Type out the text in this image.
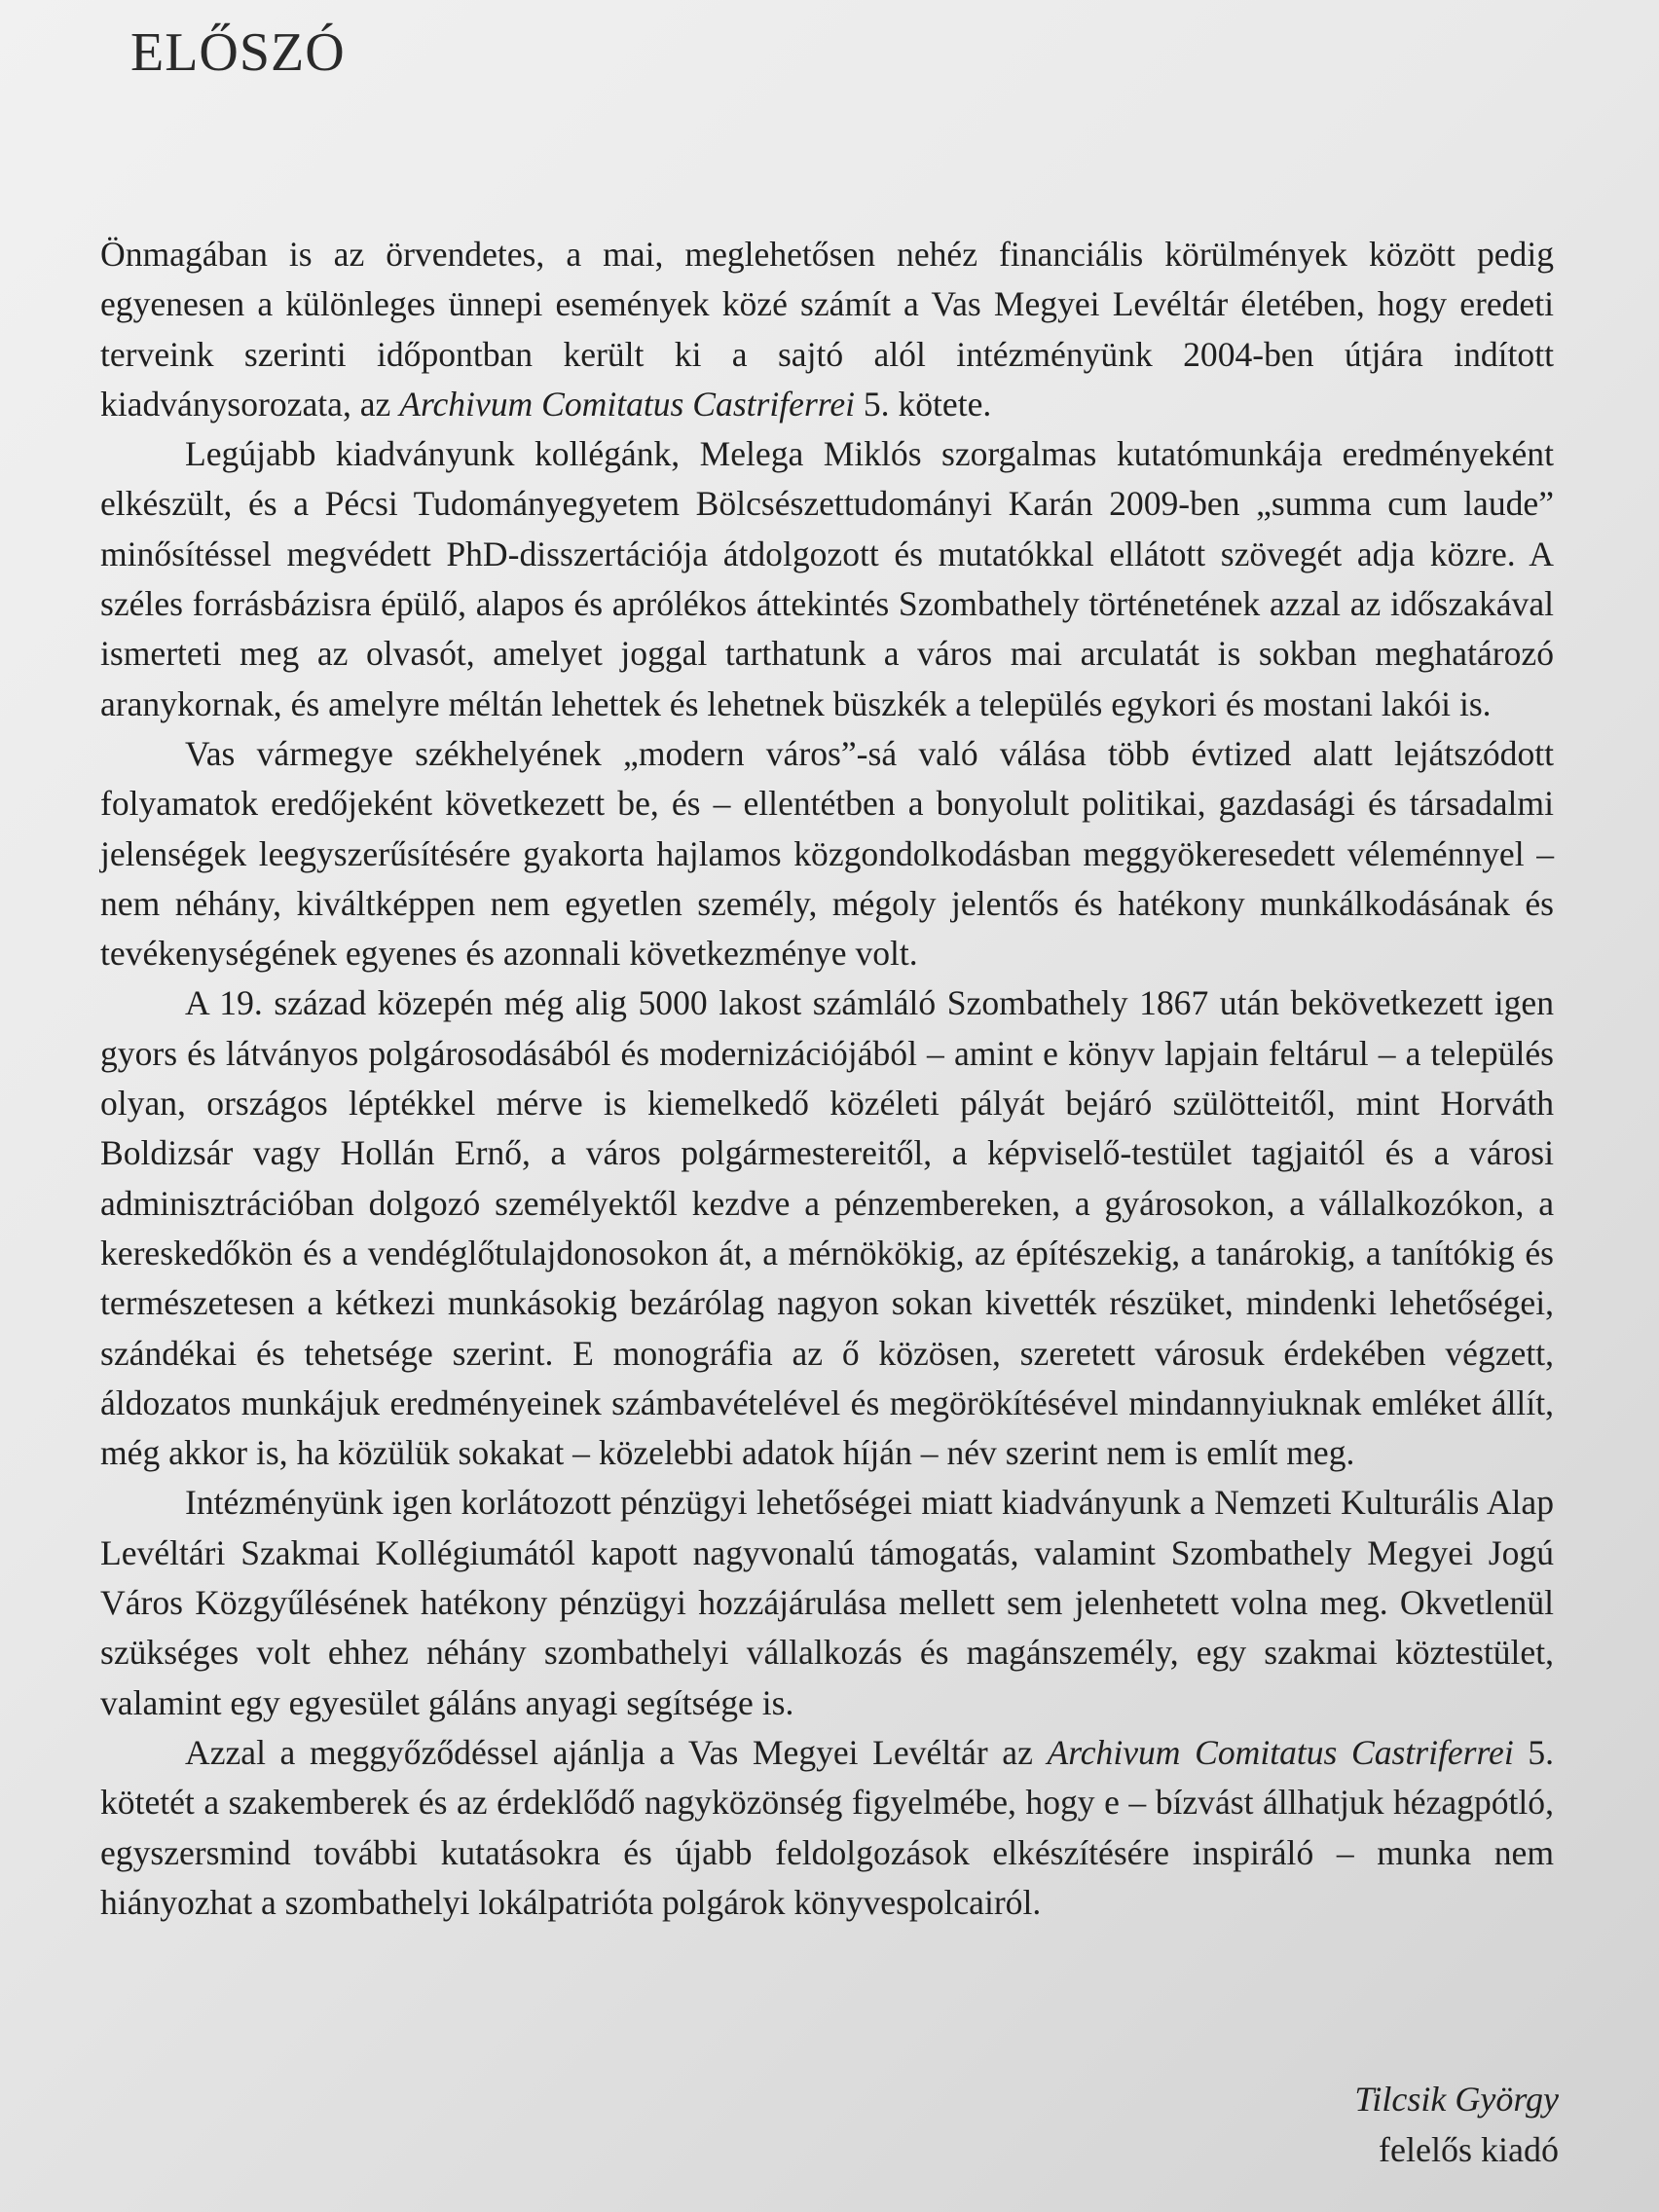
ELŐSZÓ

Önmagában is az örvendetes, a mai, meglehetősen nehéz financiális körülmények között pedig egyenesen a különleges ünnepi események közé számít a Vas Megyei Levéltár életében, hogy eredeti terveink szerinti időpontban került ki a sajtó alól intézményünk 2004-ben útjára indított kiadványsorozata, az Archivum Comitatus Castriferrei 5. kötete.

Legújabb kiadványunk kollégánk, Melega Miklós szorgalmas kutatómunkája eredményeként elkészült, és a Pécsi Tudományegyetem Bölcsészettudományi Karán 2009-ben „summa cum laude” minősítéssel megvédett PhD-disszertációja átdolgozott és mutatókkal ellátott szövegét adja közre. A széles forrásbázisra épülő, alapos és aprólékos áttekintés Szombathely történetének azzal az időszakával ismerteti meg az olvasót, amelyet joggal tarthatunk a város mai arculatát is sokban meghatározó aranykornak, és amelyre méltán lehettek és lehetnek büszkék a település egykori és mostani lakói is.

Vas vármegye székhelyének „modern város”-sá való válása több évtized alatt lejátszódott folyamatok eredőjeként következett be, és – ellentétben a bonyolult politikai, gazdasági és társadalmi jelenségek leegyszerűsítésére gyakorta hajlamos közgondolkodásban meggyökeresedett véleménnyel – nem néhány, kiváltképpen nem egyetlen személy, mégoly jelentős és hatékony munkálkodásának és tevékenységének egyenes és azonnali következménye volt.

A 19. század közepén még alig 5000 lakost számláló Szombathely 1867 után bekövetkezett igen gyors és látványos polgárosodásából és modernizációjából – amint e könyv lapjain feltárul – a település olyan, országos léptékkel mérve is kiemelkedő közéleti pályát bejáró szülötteitől, mint Horváth Boldizsár vagy Hollán Ernő, a város polgármestereitől, a képviselő-testület tagjaitól és a városi adminisztrációban dolgozó személyektől kezdve a pénzembereken, a gyárosokon, a vállalkozókon, a kereskedőkön és a vendéglőtulajdonosokon át, a mérnökökig, az építészekig, a tanárokig, a tanítókig és természetesen a kétkezi munkásokig bezárólag nagyon sokan kivették részüket, mindenki lehetőségei, szándékai és tehetsége szerint. E monográfia az ő közösen, szeretett városuk érdekében végzett, áldozatos munkájuk eredményeinek számbavételével és megörökítésével mindannyiuknak emléket állít, még akkor is, ha közülük sokakat – közelebbi adatok híján – név szerint nem is említ meg.

Intézményünk igen korlátozott pénzügyi lehetőségei miatt kiadványunk a Nemzeti Kulturális Alap Levéltári Szakmai Kollégiumától kapott nagyvonalú támogatás, valamint Szombathely Megyei Jogú Város Közgyűlésének hatékony pénzügyi hozzájárulása mellett sem jelenhetett volna meg. Okvetlenül szükséges volt ehhez néhány szombathelyi vállalkozás és magánszemély, egy szakmai köztestület, valamint egy egyesület gáláns anyagi segítsége is.

Azzal a meggyőződéssel ajánlja a Vas Megyei Levéltár az Archivum Comitatus Castriferrei 5. kötetét a szakemberek és az érdeklődő nagyközönség figyelmébe, hogy e – bízvást állhatjuk hézagpótló, egyszersmind további kutatásokra és újabb feldolgozások elkészítésére inspiráló – munka nem hiányozhat a szombathelyi lokálpatrióta polgárok könyvespolcairól.

Tilcsik György
felelős kiadó
